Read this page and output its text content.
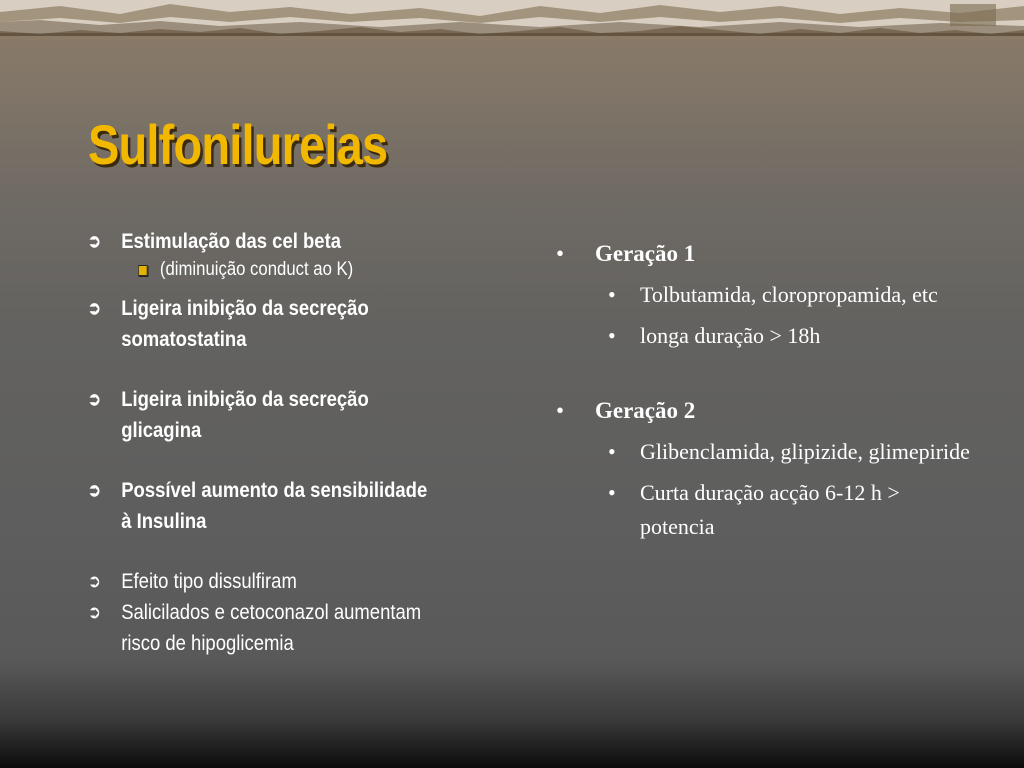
Sulfonilureias
➲ Estimulação das cel beta
(diminuição conduct ao K)
➲ Ligeira inibição da secreção somatostatina
➲ Ligeira inibição da secreção glicagina
➲ Possível aumento da sensibilidade à Insulina
➲ Efeito tipo dissulfiram
➲ Salicilados e cetoconazol aumentam risco de hipoglicemia
• Geração 1
• Tolbutamida, cloropropamida, etc
• longa duração > 18h
• Geração 2
• Glibenclamida, glipizide, glimepiride
• Curta duração acção 6-12 h > potencia
